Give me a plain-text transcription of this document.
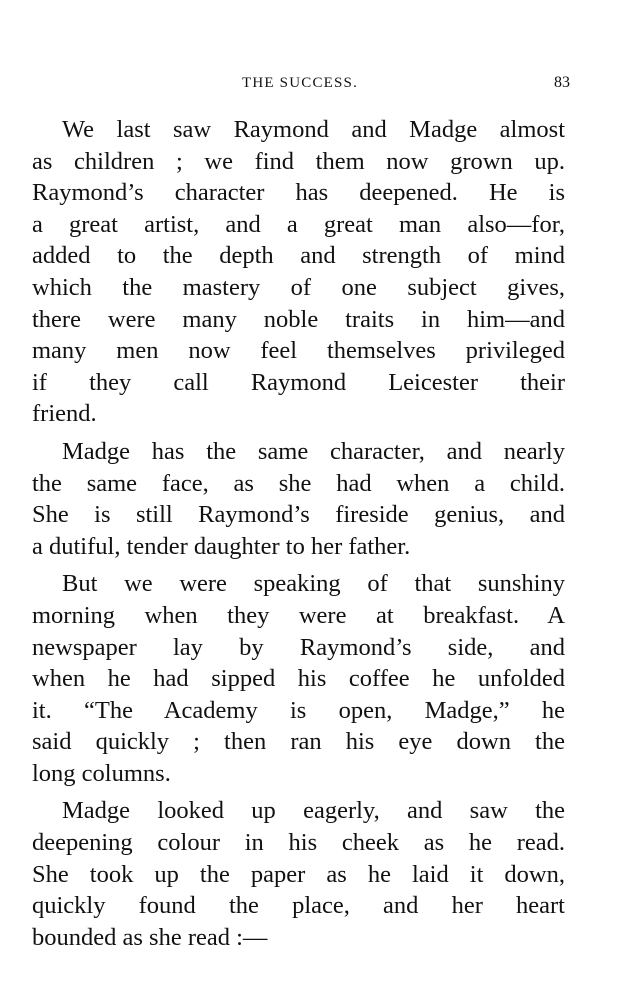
THE SUCCESS.	83

We last saw Raymond and Madge almost
as children ; we find them now grown up.
Raymond’s character has deepened. He is
a great artist, and a great man also—for,
added to the depth and strength of mind
which the mastery of one subject gives,
there were many noble traits in him—and
many men now feel themselves privileged
if they call Raymond Leicester their
friend.

Madge has the same character, and nearly
the same face, as she had when a child.
She is still Raymond’s fireside genius, and
a dutiful, tender daughter to her father.

But we were speaking of that sunshiny
morning when they were at breakfast. A
newspaper lay by Raymond’s side, and
when he had sipped his coffee he unfolded
it. “The Academy is open, Madge,” he
said quickly ; then ran his eye down the
long columns.

Madge looked up eagerly, and saw the
deepening colour in his cheek as he read.
She took up the paper as he laid it down,
quickly found the place, and her heart
bounded as she read :—
